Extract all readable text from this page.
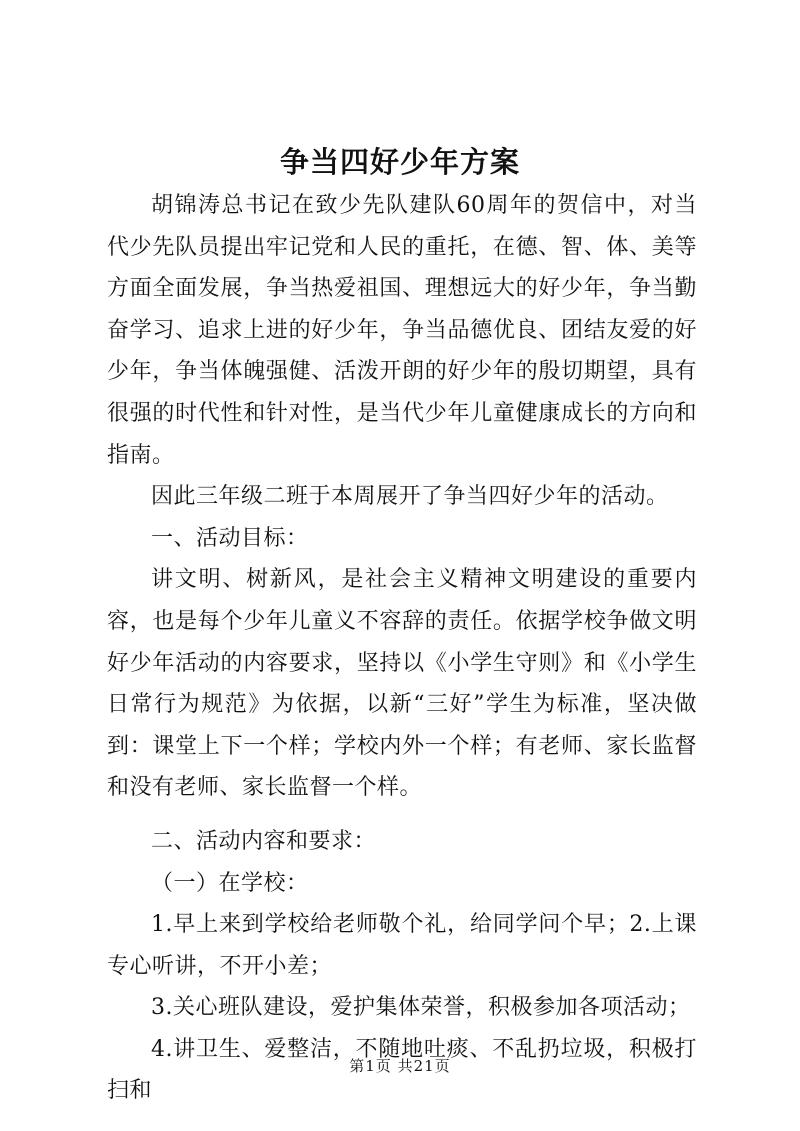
争当四好少年方案

胡锦涛总书记在致少先队建队60周年的贺信中，对当代少先队员提出牢记党和人民的重托，在德、智、体、美等方面全面发展，争当热爱祖国、理想远大的好少年，争当勤奋学习、追求上进的好少年，争当品德优良、团结友爱的好少年，争当体魄强健、活泼开朗的好少年的殷切期望，具有很强的时代性和针对性，是当代少年儿童健康成长的方向和指南。

因此三年级二班于本周展开了争当四好少年的活动。

一、活动目标：

讲文明、树新风，是社会主义精神文明建设的重要内容，也是每个少年儿童义不容辞的责任。依据学校争做文明好少年活动的内容要求，坚持以《小学生守则》和《小学生日常行为规范》为依据，以新“三好”学生为标准，坚决做到：课堂上下一个样；学校内外一个样；有老师、家长监督和没有老师、家长监督一个样。

二、活动内容和要求：

（一）在学校：

1.早上来到学校给老师敬个礼，给同学问个早；2.上课专心听讲，不开小差；

3.关心班队建设，爱护集体荣誉，积极参加各项活动；

4.讲卫生、爱整洁，不随地吐痰、不乱扔垃圾，积极打扫和

第1页 共21页
